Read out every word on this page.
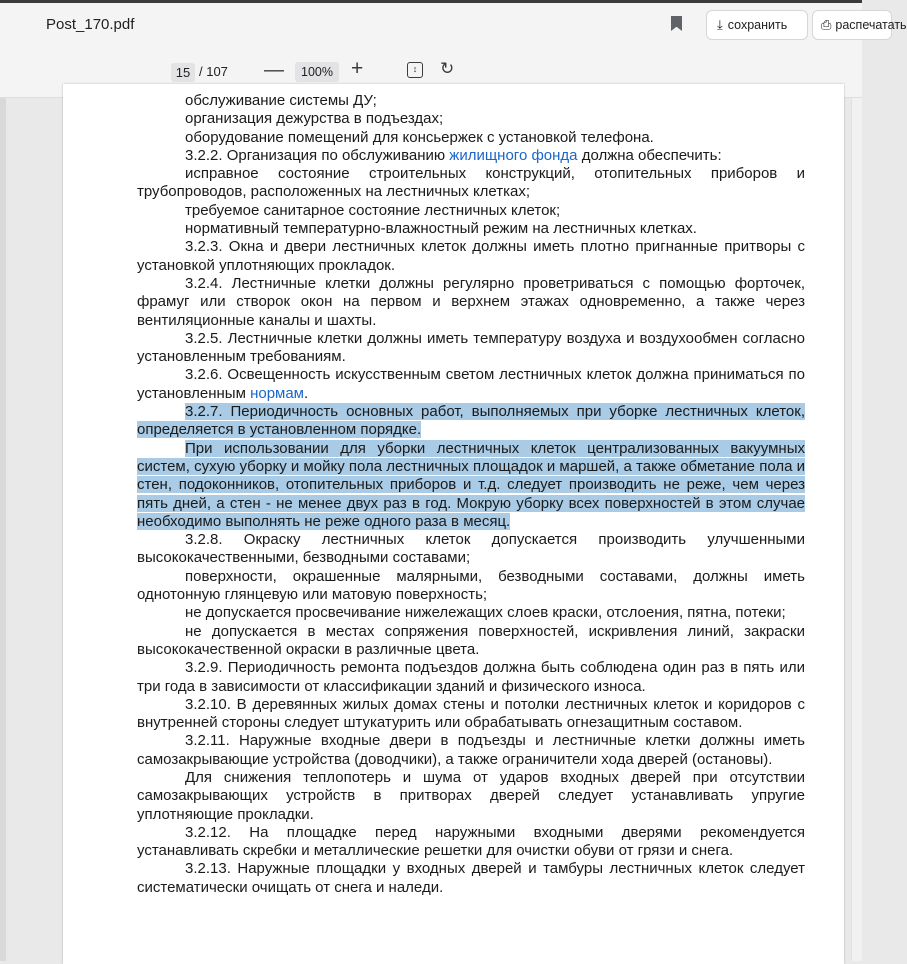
Post_170.pdf	⤓ сохранить	⎙ распечатать
15 / 107 —	100% +	↕	↻

обслуживание системы ДУ;

организация дежурства в подъездах;

оборудование помещений для консьержек с установкой телефона.

3.2.2. Организация по обслуживанию жилищного фонда должна обеспечить:

исправное состояние строительных конструкций, отопительных приборов и трубопроводов, расположенных на лестничных клетках;

требуемое санитарное состояние лестничных клеток;

нормативный температурно-влажностный режим на лестничных клетках.

3.2.3. Окна и двери лестничных клеток должны иметь плотно пригнанные притворы с установкой уплотняющих прокладок.

3.2.4. Лестничные клетки должны регулярно проветриваться с помощью форточек, фрамуг или створок окон на первом и верхнем этажах одновременно, а также через вентиляционные каналы и шахты.

3.2.5. Лестничные клетки должны иметь температуру воздуха и воздухообмен согласно установленным требованиям.

3.2.6. Освещенность искусственным светом лестничных клеток должна приниматься по установленным нормам.

3.2.7. Периодичность основных работ, выполняемых при уборке лестничных клеток, определяется в установленном порядке.

При использовании для уборки лестничных клеток централизованных вакуумных систем, сухую уборку и мойку пола лестничных площадок и маршей, а также обметание пола и стен, подоконников, отопительных приборов и т.д. следует производить не реже, чем через пять дней, а стен - не менее двух раз в год. Мокрую уборку всех поверхностей в этом случае необходимо выполнять не реже одного раза в месяц.

3.2.8. Окраску лестничных клеток допускается производить улучшенными высококачественными, безводными составами;

поверхности, окрашенные малярными, безводными составами, должны иметь однотонную глянцевую или матовую поверхность;

не допускается просвечивание нижележащих слоев краски, отслоения, пятна, потеки;

не допускается в местах сопряжения поверхностей, искривления линий, закраски высококачественной окраски в различные цвета.

3.2.9. Периодичность ремонта подъездов должна быть соблюдена один раз в пять или три года в зависимости от классификации зданий и физического износа.

3.2.10. В деревянных жилых домах стены и потолки лестничных клеток и коридоров с внутренней стороны следует штукатурить или обрабатывать огнезащитным составом.

3.2.11. Наружные входные двери в подъезды и лестничные клетки должны иметь самозакрывающие устройства (доводчики), а также ограничители хода дверей (остановы).

Для снижения теплопотерь и шума от ударов входных дверей при отсутствии самозакрывающих устройств в притворах дверей следует устанавливать упругие уплотняющие прокладки.

3.2.12. На площадке перед наружными входными дверями рекомендуется устанавливать скребки и металлические решетки для очистки обуви от грязи и снега.

3.2.13. Наружные площадки у входных дверей и тамбуры лестничных клеток следует систематически очищать от снега и наледи.
